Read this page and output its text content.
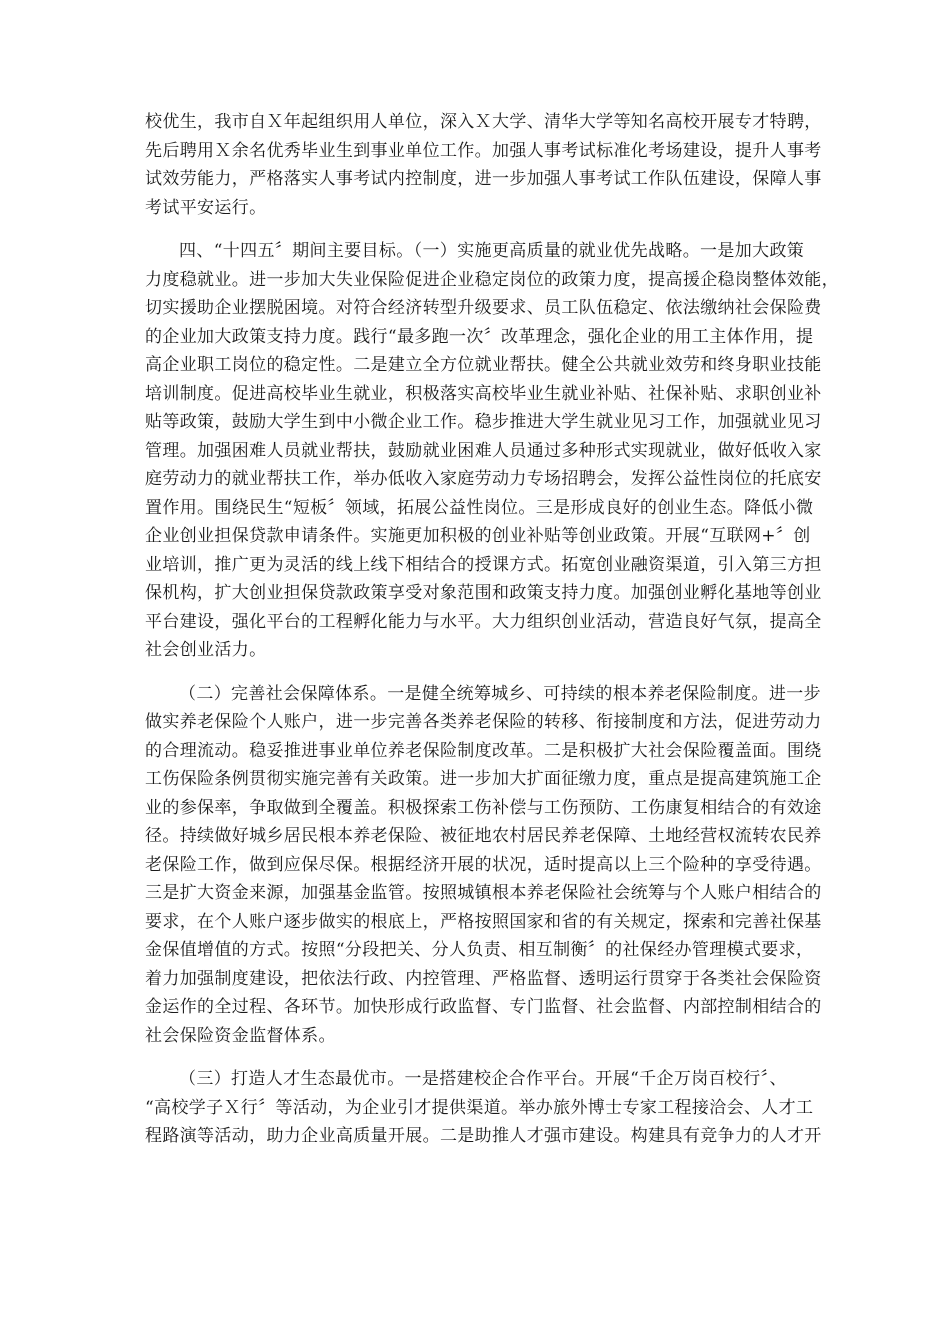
校优生，我市自Ｘ年起组织用人单位，深入Ｘ大学、清华大学等知名高校开展专才特聘，
先后聘用Ｘ余名优秀毕业生到事业单位工作。加强人事考试标准化考场建设，提升人事考
试效劳能力，严格落实人事考试内控制度，进一步加强人事考试工作队伍建设，保障人事
考试平安运行。
四、“十四五〞期间主要目标。（一）实施更高质量的就业优先战略。一是加大政策
力度稳就业。进一步加大失业保险促进企业稳定岗位的政策力度，提高援企稳岗整体效能，
切实援助企业摆脱困境。对符合经济转型升级要求、员工队伍稳定、依法缴纳社会保险费
的企业加大政策支持力度。践行“最多跑一次〞改革理念，强化企业的用工主体作用，提
高企业职工岗位的稳定性。二是建立全方位就业帮扶。健全公共就业效劳和终身职业技能
培训制度。促进高校毕业生就业，积极落实高校毕业生就业补贴、社保补贴、求职创业补
贴等政策，鼓励大学生到中小微企业工作。稳步推进大学生就业见习工作，加强就业见习
管理。加强困难人员就业帮扶，鼓励就业困难人员通过多种形式实现就业，做好低收入家
庭劳动力的就业帮扶工作，举办低收入家庭劳动力专场招聘会，发挥公益性岗位的托底安
置作用。围绕民生“短板〞领域，拓展公益性岗位。三是形成良好的创业生态。降低小微
企业创业担保贷款申请条件。实施更加积极的创业补贴等创业政策。开展“互联网+〞创
业培训，推广更为灵活的线上线下相结合的授课方式。拓宽创业融资渠道，引入第三方担
保机构，扩大创业担保贷款政策享受对象范围和政策支持力度。加强创业孵化基地等创业
平台建设，强化平台的工程孵化能力与水平。大力组织创业活动，营造良好气氛，提高全
社会创业活力。
（二）完善社会保障体系。一是健全统筹城乡、可持续的根本养老保险制度。进一步
做实养老保险个人账户，进一步完善各类养老保险的转移、衔接制度和方法，促进劳动力
的合理流动。稳妥推进事业单位养老保险制度改革。二是积极扩大社会保险覆盖面。围绕
工伤保险条例贯彻实施完善有关政策。进一步加大扩面征缴力度，重点是提高建筑施工企
业的参保率，争取做到全覆盖。积极探索工伤补偿与工伤预防、工伤康复相结合的有效途
径。持续做好城乡居民根本养老保险、被征地农村居民养老保障、土地经营权流转农民养
老保险工作，做到应保尽保。根据经济开展的状况，适时提高以上三个险种的享受待遇。
三是扩大资金来源，加强基金监管。按照城镇根本养老保险社会统筹与个人账户相结合的
要求，在个人账户逐步做实的根底上，严格按照国家和省的有关规定，探索和完善社保基
金保值增值的方式。按照“分段把关、分人负责、相互制衡〞的社保经办管理模式要求，
着力加强制度建设，把依法行政、内控管理、严格监督、透明运行贯穿于各类社会保险资
金运作的全过程、各环节。加快形成行政监督、专门监督、社会监督、内部控制相结合的
社会保险资金监督体系。
（三）打造人才生态最优市。一是搭建校企合作平台。开展“千企万岗百校行〞、
“高校学子Ｘ行〞等活动，为企业引才提供渠道。举办旅外博士专家工程接洽会、人才工
程路演等活动，助力企业高质量开展。二是助推人才强市建设。构建具有竞争力的人才开
